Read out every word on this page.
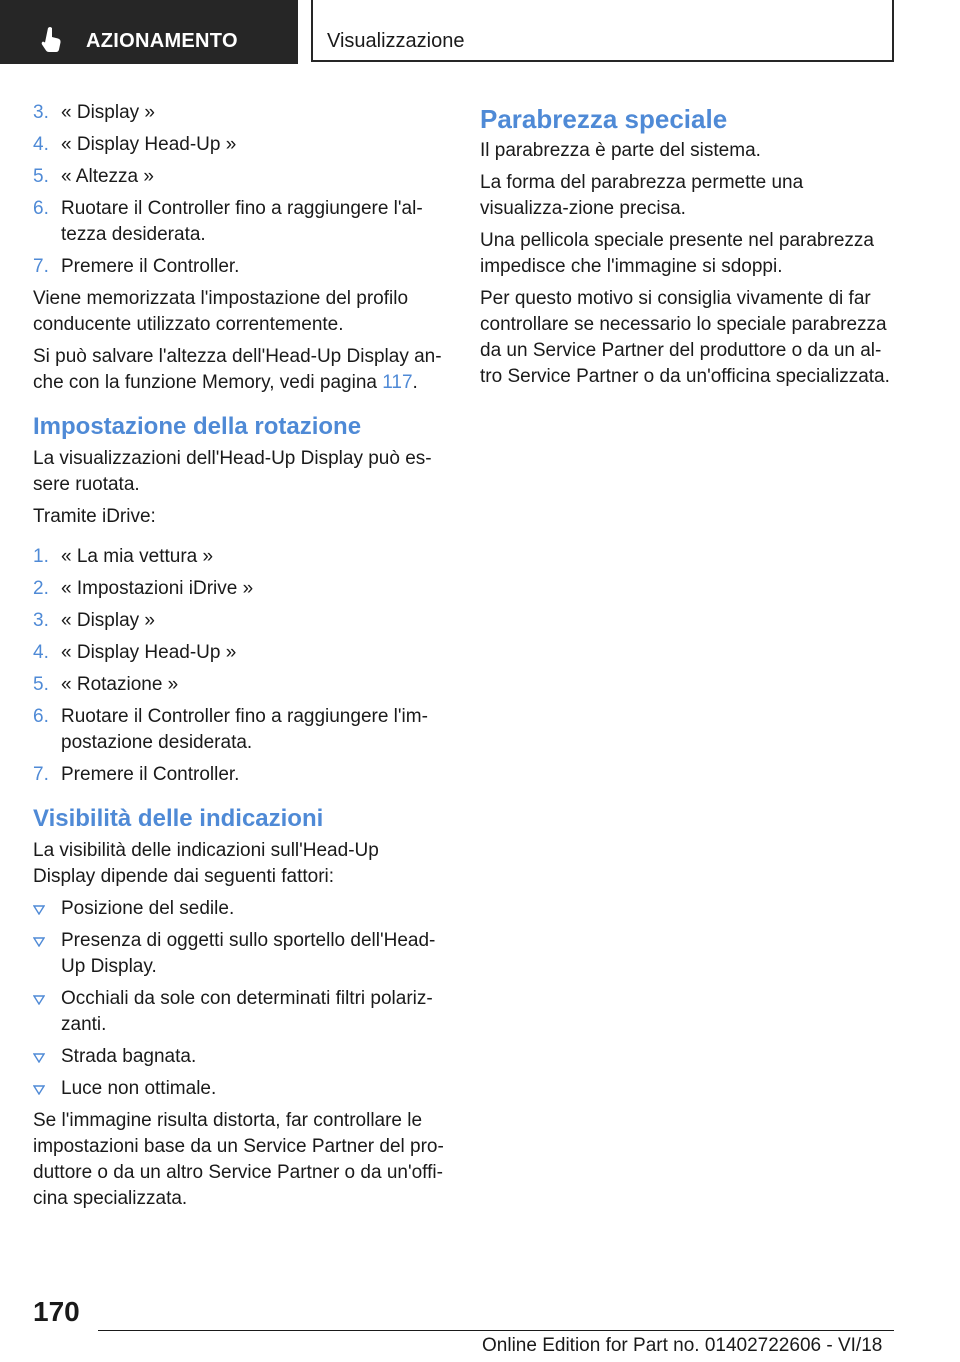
AZIONAMENTO	Visualizzazione
3. « Display »
4. « Display Head-Up »
5. « Altezza »
6. Ruotare il Controller fino a raggiungere l'al-tezza desiderata.
7. Premere il Controller.

Viene memorizzata l'impostazione del profilo conducente utilizzato correntemente.

Si può salvare l'altezza dell'Head-Up Display an-che con la funzione Memory, vedi pagina 117.

Impostazione della rotazione

La visualizzazioni dell'Head-Up Display può es-sere ruotata.

Tramite iDrive:

1. « La mia vettura »
2. « Impostazioni iDrive »
3. « Display »
4. « Display Head-Up »
5. « Rotazione »
6. Ruotare il Controller fino a raggiungere l'im-postazione desiderata.
7. Premere il Controller.
Visibilità delle indicazioni

La visibilità delle indicazioni sull'Head-Up Display dipende dai seguenti fattori:

Posizione del sedile.
Presenza di oggetti sullo sportello dell'Head-Up Display.
Occhiali da sole con determinati filtri polariz-zanti.
Strada bagnata.
Luce non ottimale.

Se l'immagine risulta distorta, far controllare le impostazioni base da un Service Partner del pro-duttore o da un altro Service Partner o da un'offi-cina specializzata.

Parabrezza speciale

Il parabrezza è parte del sistema.

La forma del parabrezza permette una visualizza-zione precisa.

Una pellicola speciale presente nel parabrezza impedisce che l'immagine si sdoppi.

Per questo motivo si consiglia vivamente di far controllare se necessario lo speciale parabrezza da un Service Partner del produttore o da un al-tro Service Partner o da un'officina specializzata.

170
Online Edition for Part no. 01402722606 - VI/18
